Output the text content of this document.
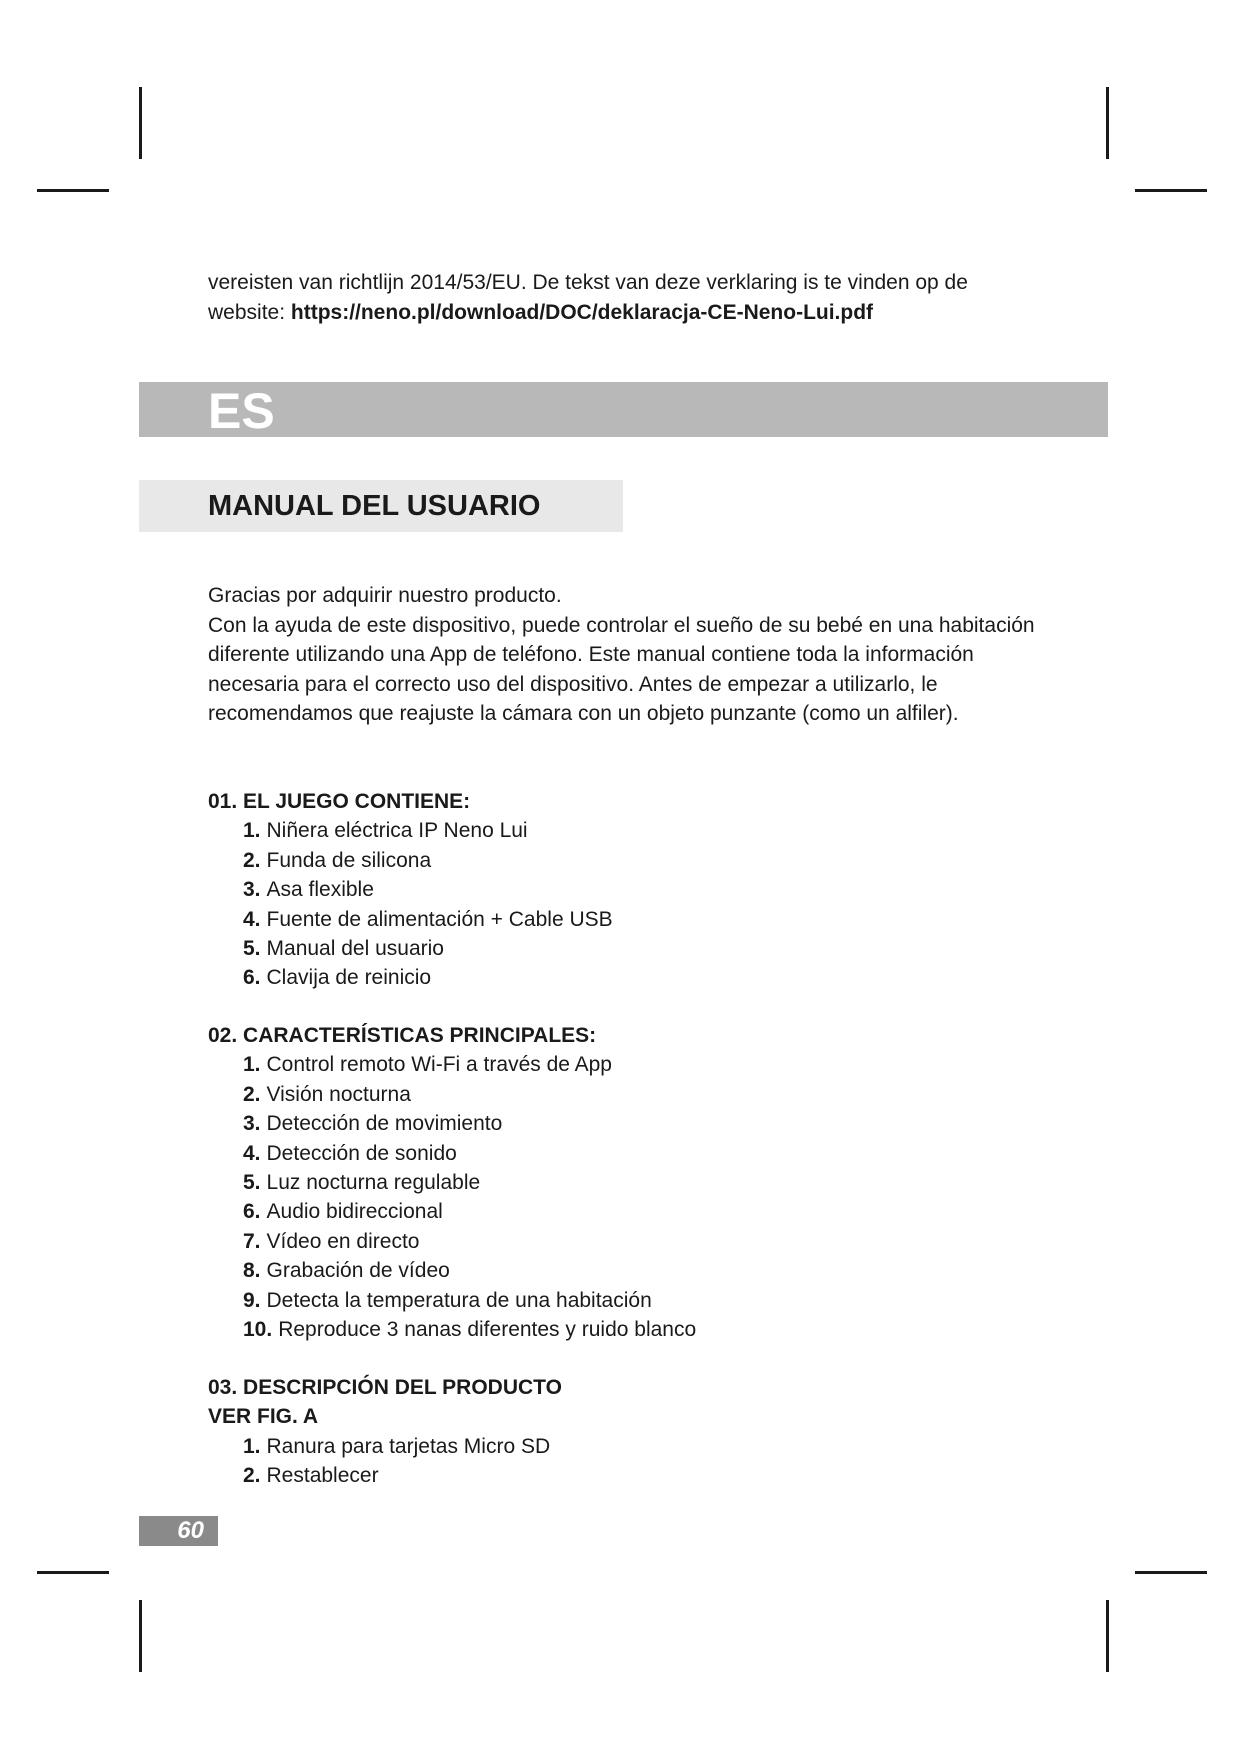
vereisten van richtlijn 2014/53/EU. De tekst van deze verklaring is te vinden op de
website: https://neno.pl/download/DOC/deklaracja-CE-Neno-Lui.pdf
ES
MANUAL DEL USUARIO

Gracias por adquirir nuestro producto.

Con la ayuda de este dispositivo, puede controlar el sueño de su bebé en una habitación diferente utilizando una App de teléfono. Este manual contiene toda la información necesaria para el correcto uso del dispositivo. Antes de empezar a utilizarlo, le recomendamos que reajuste la cámara con un objeto punzante (como un alfiler).

01. EL JUEGO CONTIENE:
1. Niñera eléctrica IP Neno Lui
2. Funda de silicona
3. Asa flexible
4. Fuente de alimentación + Cable USB
5. Manual del usuario
6. Clavija de reinicio
02. CARACTERÍSTICAS PRINCIPALES:
1. Control remoto Wi-Fi a través de App
2. Visión nocturna
3. Detección de movimiento
4. Detección de sonido
5. Luz nocturna regulable
6. Audio bidireccional
7. Vídeo en directo
8. Grabación de vídeo
9. Detecta la temperatura de una habitación
10. Reproduce 3 nanas diferentes y ruido blanco
03. DESCRIPCIÓN DEL PRODUCTO
VER FIG. A
1. Ranura para tarjetas Micro SD
2. Restablecer
60
